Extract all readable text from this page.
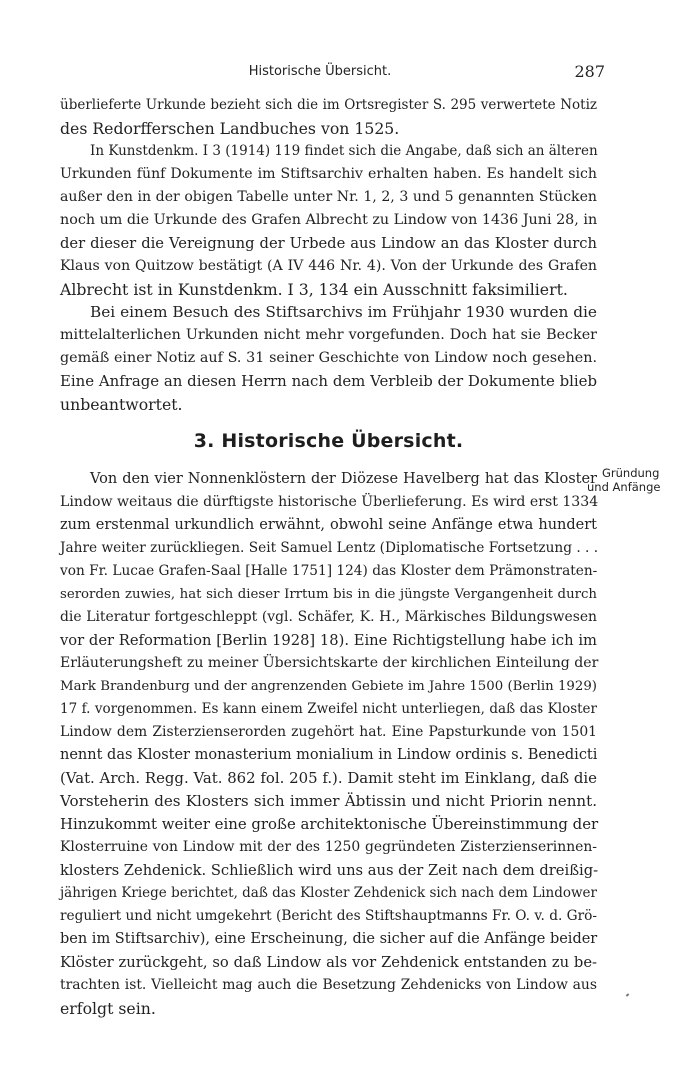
Historische Übersicht.	287
überlieferte Urkunde bezieht sich die im Ortsregister S. 295 verwertete Notiz
des Redorfferschen Landbuches von 1525.
In Kunstdenkm. I 3 (1914) 119 findet sich die Angabe, daß sich an älteren
Urkunden fünf Dokumente im Stiftsarchiv erhalten haben. Es handelt sich
außer den in der obigen Tabelle unter Nr. 1, 2, 3 und 5 genannten Stücken
noch um die Urkunde des Grafen Albrecht zu Lindow von 1436 Juni 28, in
der dieser die Vereignung der Urbede aus Lindow an das Kloster durch
Klaus von Quitzow bestätigt (A IV 446 Nr. 4). Von der Urkunde des Grafen
Albrecht ist in Kunstdenkm. I 3, 134 ein Ausschnitt faksimiliert.
Bei einem Besuch des Stiftsarchivs im Frühjahr 1930 wurden die
mittelalterlichen Urkunden nicht mehr vorgefunden. Doch hat sie Becker
gemäß einer Notiz auf S. 31 seiner Geschichte von Lindow noch gesehen.
Eine Anfrage an diesen Herrn nach dem Verbleib der Dokumente blieb
unbeantwortet.
3. Historische Übersicht.
Gründung
und Anfänge
Von den vier Nonnenklöstern der Diözese Havelberg hat das Kloster
Lindow weitaus die dürftigste historische Überlieferung. Es wird erst 1334
zum erstenmal urkundlich erwähnt, obwohl seine Anfänge etwa hundert
Jahre weiter zurückliegen. Seit Samuel Lentz (Diplomatische Fortsetzung . . .
von Fr. Lucae Grafen-Saal [Halle 1751] 124) das Kloster dem Prämonstraten-
serorden zuwies, hat sich dieser Irrtum bis in die jüngste Vergangenheit durch
die Literatur fortgeschleppt (vgl. Schäfer, K. H., Märkisches Bildungswesen
vor der Reformation [Berlin 1928] 18). Eine Richtigstellung habe ich im
Erläuterungsheft zu meiner Übersichtskarte der kirchlichen Einteilung der
Mark Brandenburg und der angrenzenden Gebiete im Jahre 1500 (Berlin 1929)
17 f. vorgenommen. Es kann einem Zweifel nicht unterliegen, daß das Kloster
Lindow dem Zisterzienserorden zugehört hat. Eine Papsturkunde von 1501
nennt das Kloster monasterium monialium in Lindow ordinis s. Benedicti
(Vat. Arch. Regg. Vat. 862 fol. 205 f.). Damit steht im Einklang, daß die
Vorsteherin des Klosters sich immer Äbtissin und nicht Priorin nennt.
Hinzukommt weiter eine große architektonische Übereinstimmung der
Klosterruine von Lindow mit der des 1250 gegründeten Zisterzienserinnen-
klosters Zehdenick. Schließlich wird uns aus der Zeit nach dem dreißig-
jährigen Kriege berichtet, daß das Kloster Zehdenick sich nach dem Lindower
reguliert und nicht umgekehrt (Bericht des Stiftshauptmanns Fr. O. v. d. Grö-
ben im Stiftsarchiv), eine Erscheinung, die sicher auf die Anfänge beider
Klöster zurückgeht, so daß Lindow als vor Zehdenick entstanden zu be-
trachten ist. Vielleicht mag auch die Besetzung Zehdenicks von Lindow aus
erfolgt sein.
